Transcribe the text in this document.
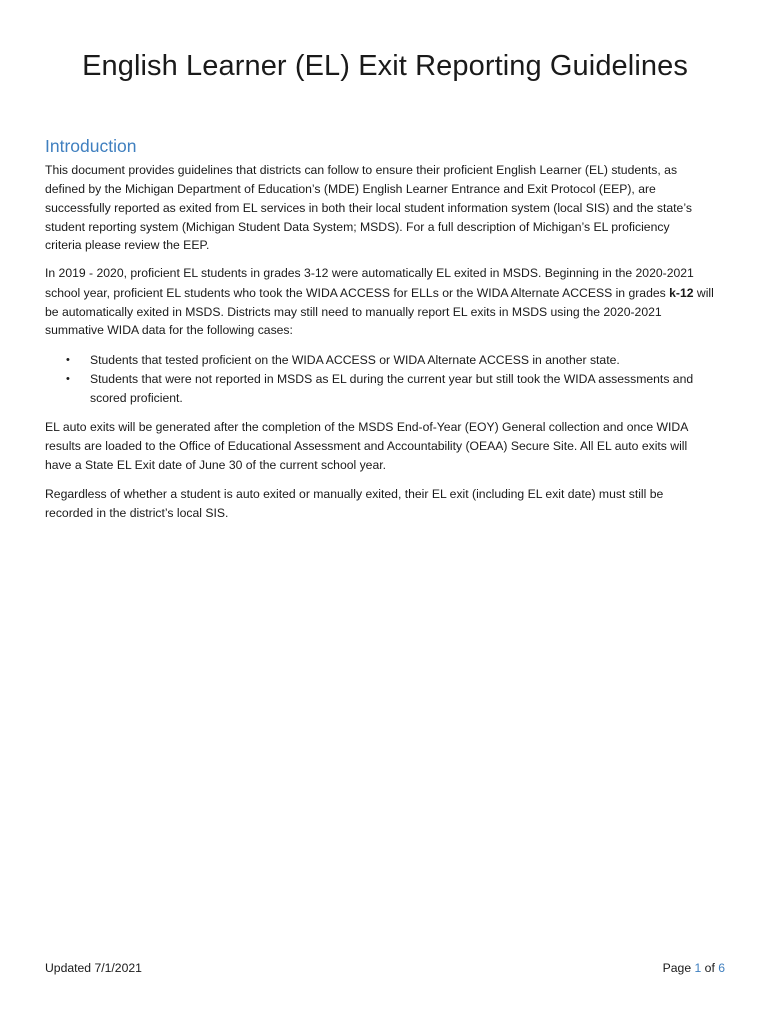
English Learner (EL) Exit Reporting Guidelines
Introduction
This document provides guidelines that districts can follow to ensure their proficient English Learner (EL) students, as
defined by the Michigan Department of Education’s (MDE) English Learner Entrance and Exit Protocol (EEP), are
successfully reported as exited from EL services in both their local student information system (local SIS) and the state’s
student reporting system (Michigan Student Data System; MSDS). For a full description of Michigan’s EL proficiency
criteria please review the EEP.
In 2019 - 2020, proficient EL students in grades 3-12 were automatically EL exited in MSDS. Beginning in the 2020-2021
school year, proficient EL students who took the WIDA ACCESS for ELLs or the WIDA Alternate ACCESS in grades k-12 will
be automatically exited in MSDS. Districts may still need to manually report EL exits in MSDS using the 2020-2021
summative WIDA data for the following cases:
• Students that tested proficient on the WIDA ACCESS or WIDA Alternate ACCESS in another state.
• Students that were not reported in MSDS as EL during the current year but still took the WIDA assessments and
scored proficient.
EL auto exits will be generated after the completion of the MSDS End-of-Year (EOY) General collection and once WIDA
results are loaded to the Office of Educational Assessment and Accountability (OEAA) Secure Site. All EL auto exits will
have a State EL Exit date of June 30 of the current school year.
Regardless of whether a student is auto exited or manually exited, their EL exit (including EL exit date) must still be
recorded in the district’s local SIS.
Updated 7/1/2021	Page 1 of 6
